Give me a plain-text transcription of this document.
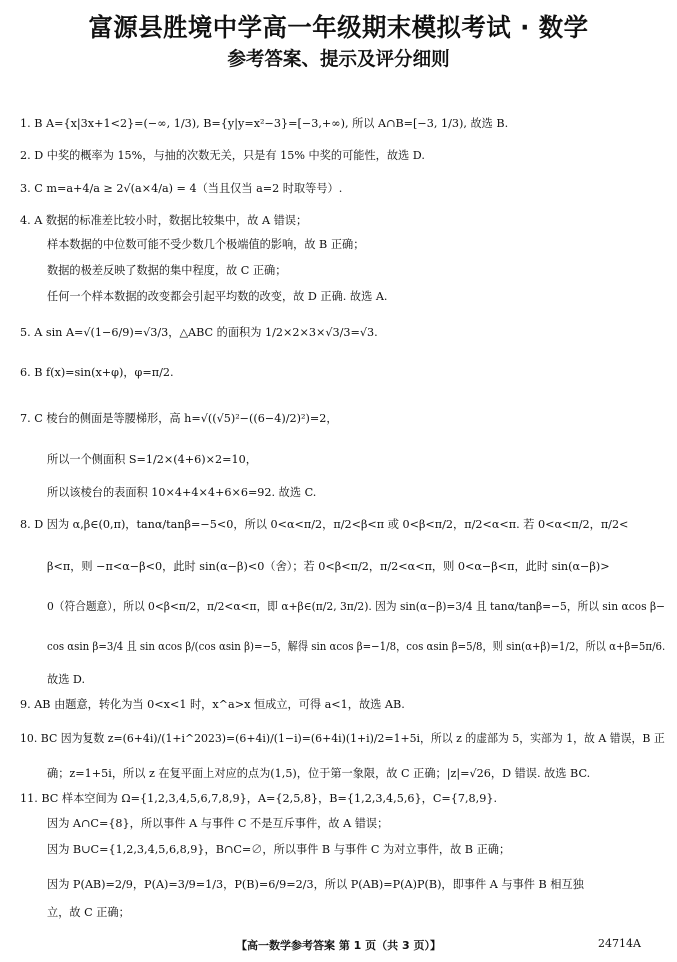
富源县胜境中学高一年级期末模拟考试 · 数学
参考答案、提示及评分细则
1. B A={x|3x+1<2}=(−∞, 1/3), B={y|y=x²−3}=[−3,+∞), 所以 A∩B=[−3, 1/3), 故选 B.
2. D 中奖的概率为 15%，与抽的次数无关，只是有 15% 中奖的可能性，故选 D.
3. C m=a+4/a ≥ 2√(a×4/a) = 4（当且仅当 a=2 时取等号）.
4. A 数据的标准差比较小时，数据比较集中，故 A 错误；
样本数据的中位数可能不受少数几个极端值的影响，故 B 正确；
数据的极差反映了数据的集中程度，故 C 正确；
任何一个样本数据的改变都会引起平均数的改变，故 D 正确. 故选 A.
5. A sin A=√(1−6/9)=√3/3，△ABC 的面积为 1/2×2×3×√3/3=√3.
6. B f(x)=sin(x+φ)，φ=π/2.
7. C 棱台的侧面是等腰梯形，高 h=√((√5)²−((6−4)/2)²)=2，
所以一个侧面积 S=1/2×(4+6)×2=10，
所以该棱台的表面积 10×4+4×4+6×6=92. 故选 C.
8. D 因为 α,β∈(0,π)，tanα/tanβ=−5<0，所以 0<α<π/2，π/2<β<π 或 0<β<π/2，π/2<α<π. 若 0<α<π/2，π/2<
β<π，则 −π<α−β<0，此时 sin(α−β)<0（舍）；若 0<β<π/2，π/2<α<π，则 0<α−β<π，此时 sin(α−β)>
0（符合题意），所以 0<β<π/2，π/2<α<π，即 α+β∈(π/2, 3π/2). 因为 sin(α−β)=3/4 且 tanα/tanβ=−5，所以 sin αcos β−
cos αsin β=3/4 且 sin αcos β/(cos αsin β)=−5，解得 sin αcos β=−1/8，cos αsin β=5/8，则 sin(α+β)=1/2，所以 α+β=5π/6.
故选 D.
9. AB 由题意，转化为当 0<x<1 时，x^a>x 恒成立，可得 a<1，故选 AB.
10. BC 因为复数 z=(6+4i)/(1+i^2023)=(6+4i)/(1−i)=(6+4i)(1+i)/2=1+5i，所以 z 的虚部为 5，实部为 1，故 A 错误，B 正
确；z=1+5i，所以 z 在复平面上对应的点为(1,5)，位于第一象限，故 C 正确；|z|=√26，D 错误. 故选 BC.
11. BC 样本空间为 Ω={1,2,3,4,5,6,7,8,9}，A={2,5,8}，B={1,2,3,4,5,6}，C={7,8,9}.
因为 A∩C={8}，所以事件 A 与事件 C 不是互斥事件，故 A 错误；
因为 B∪C={1,2,3,4,5,6,8,9}，B∩C=∅，所以事件 B 与事件 C 为对立事件，故 B 正确；
因为 P(AB)=2/9，P(A)=3/9=1/3，P(B)=6/9=2/3，所以 P(AB)=P(A)P(B)，即事件 A 与事件 B 相互独
立，故 C 正确；
【高一数学参考答案 第 1 页（共 3 页）】	24714A
